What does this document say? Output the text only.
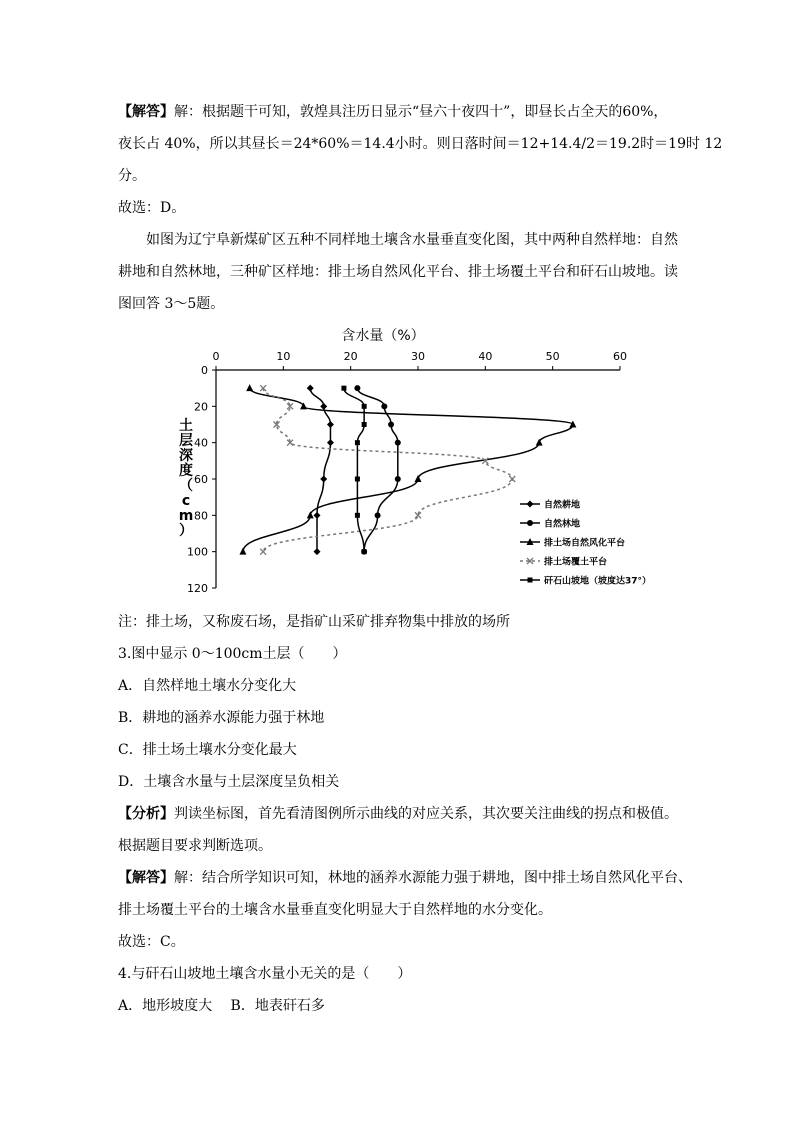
【解答】解：根据题干可知，敦煌具注历日显示“昼六十夜四十”，即昼长占全天的60%，

夜长占 40%，所以其昼长＝24*60%＝14.4小时。则日落时间＝12+14.4/2＝19.2时＝19时 12

分。

故选：D。

如图为辽宁阜新煤矿区五种不同样地土壤含水量垂直变化图，其中两种自然样地：自然

耕地和自然林地，三种矿区样地：排土场自然风化平台、排土场覆土平台和矸石山坡地。读

图回答 3～5题。

含水量（%）
土
层
深
度
（
c
m
）
0	10	20	30	40	50	60
0
20
40
60
80
100
120
自然耕地
自然林地
排土场自然风化平台
排土场覆土平台
矸石山坡地（坡度达37°）

注：排土场，又称废石场，是指矿山采矿排弃物集中排放的场所

3.图中显示 0～100cm土层（　　）

A．自然样地土壤水分变化大

B．耕地的涵养水源能力强于林地

C．排土场土壤水分变化最大

D．土壤含水量与土层深度呈负相关

【分析】判读坐标图，首先看清图例所示曲线的对应关系，其次要关注曲线的拐点和极值。

根据题目要求判断选项。

【解答】解：结合所学知识可知，林地的涵养水源能力强于耕地，图中排土场自然风化平台、

排土场覆土平台的土壤含水量垂直变化明显大于自然样地的水分变化。

故选：C。

4.与矸石山坡地土壤含水量小无关的是（　　）

A．地形坡度大　 B．地表矸石多
